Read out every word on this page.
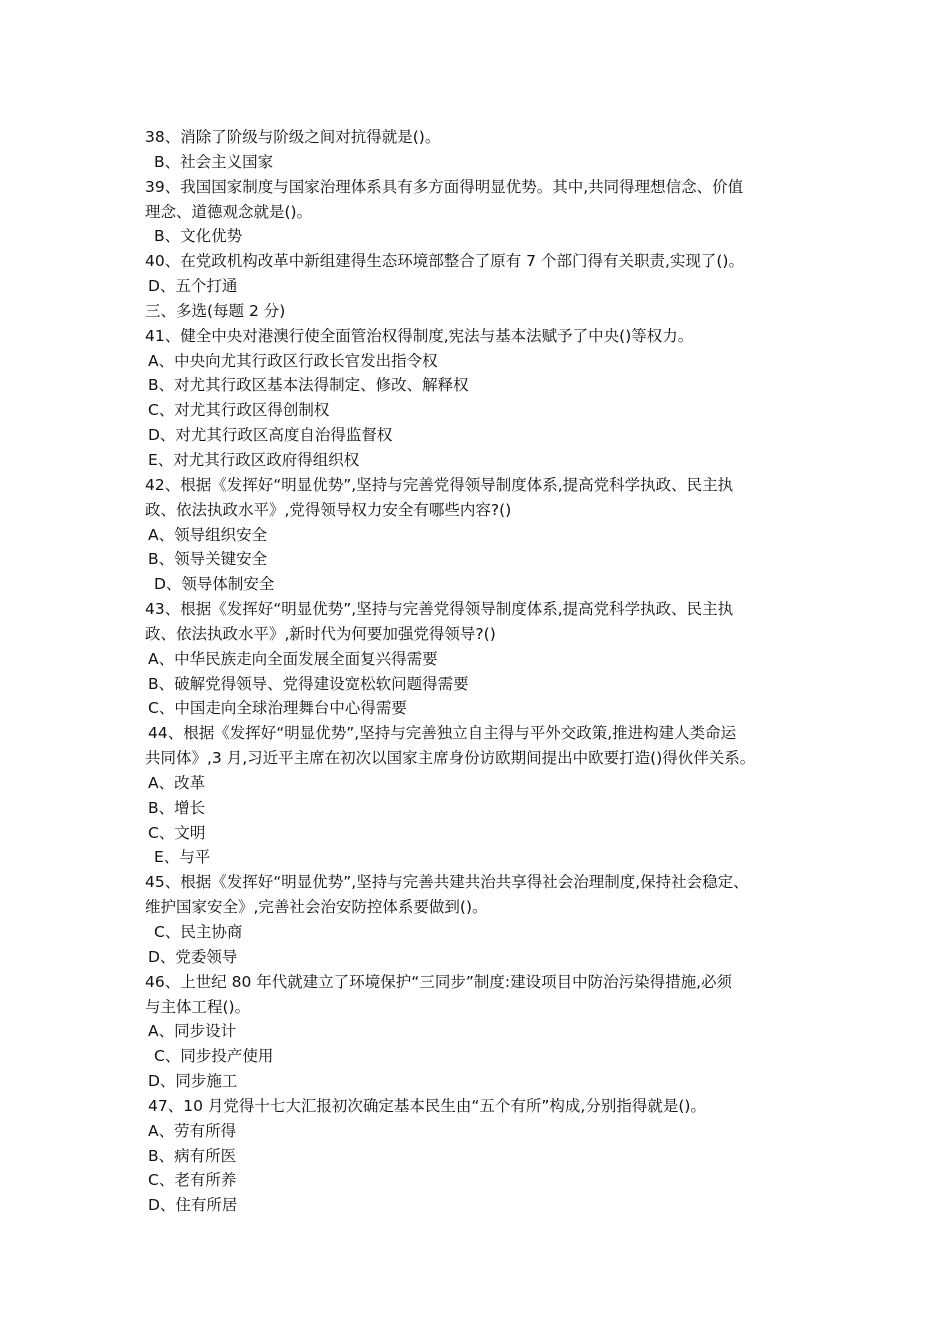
38、消除了阶级与阶级之间对抗得就是()。
B、社会主义国家
39、我国国家制度与国家治理体系具有多方面得明显优势。其中,共同得理想信念、价值
理念、道德观念就是()。
B、文化优势
40、在党政机构改革中新组建得生态环境部整合了原有 7 个部门得有关职责,实现了()。
D、五个打通
三、多选(每题 2 分)
41、健全中央对港澳行使全面管治权得制度,宪法与基本法赋予了中央()等权力。
A、中央向尤其行政区行政长官发出指令权
B、对尤其行政区基本法得制定、修改、解释权
C、对尤其行政区得创制权
D、对尤其行政区高度自治得监督权
E、对尤其行政区政府得组织权
42、根据《发挥好“明显优势”,坚持与完善党得领导制度体系,提高党科学执政、民主执
政、依法执政水平》,党得领导权力安全有哪些内容?()
A、领导组织安全
B、领导关键安全
D、领导体制安全
43、根据《发挥好“明显优势”,坚持与完善党得领导制度体系,提高党科学执政、民主执
政、依法执政水平》,新时代为何要加强党得领导?()
A、中华民族走向全面发展全面复兴得需要
B、破解党得领导、党得建设宽松软问题得需要
C、中国走向全球治理舞台中心得需要
44、根据《发挥好“明显优势”,坚持与完善独立自主得与平外交政策,推进构建人类命运
共同体》,3 月,习近平主席在初次以国家主席身份访欧期间提出中欧要打造()得伙伴关系。
A、改革
B、增长
C、文明
E、与平
45、根据《发挥好“明显优势”,坚持与完善共建共治共享得社会治理制度,保持社会稳定、
维护国家安全》,完善社会治安防控体系要做到()。
C、民主协商
D、党委领导
46、上世纪 80 年代就建立了环境保护“三同步”制度:建设项目中防治污染得措施,必须
与主体工程()。
A、同步设计
C、同步投产使用
D、同步施工
47、10 月党得十七大汇报初次确定基本民生由“五个有所”构成,分别指得就是()。
A、劳有所得
B、病有所医
C、老有所养
D、住有所居
